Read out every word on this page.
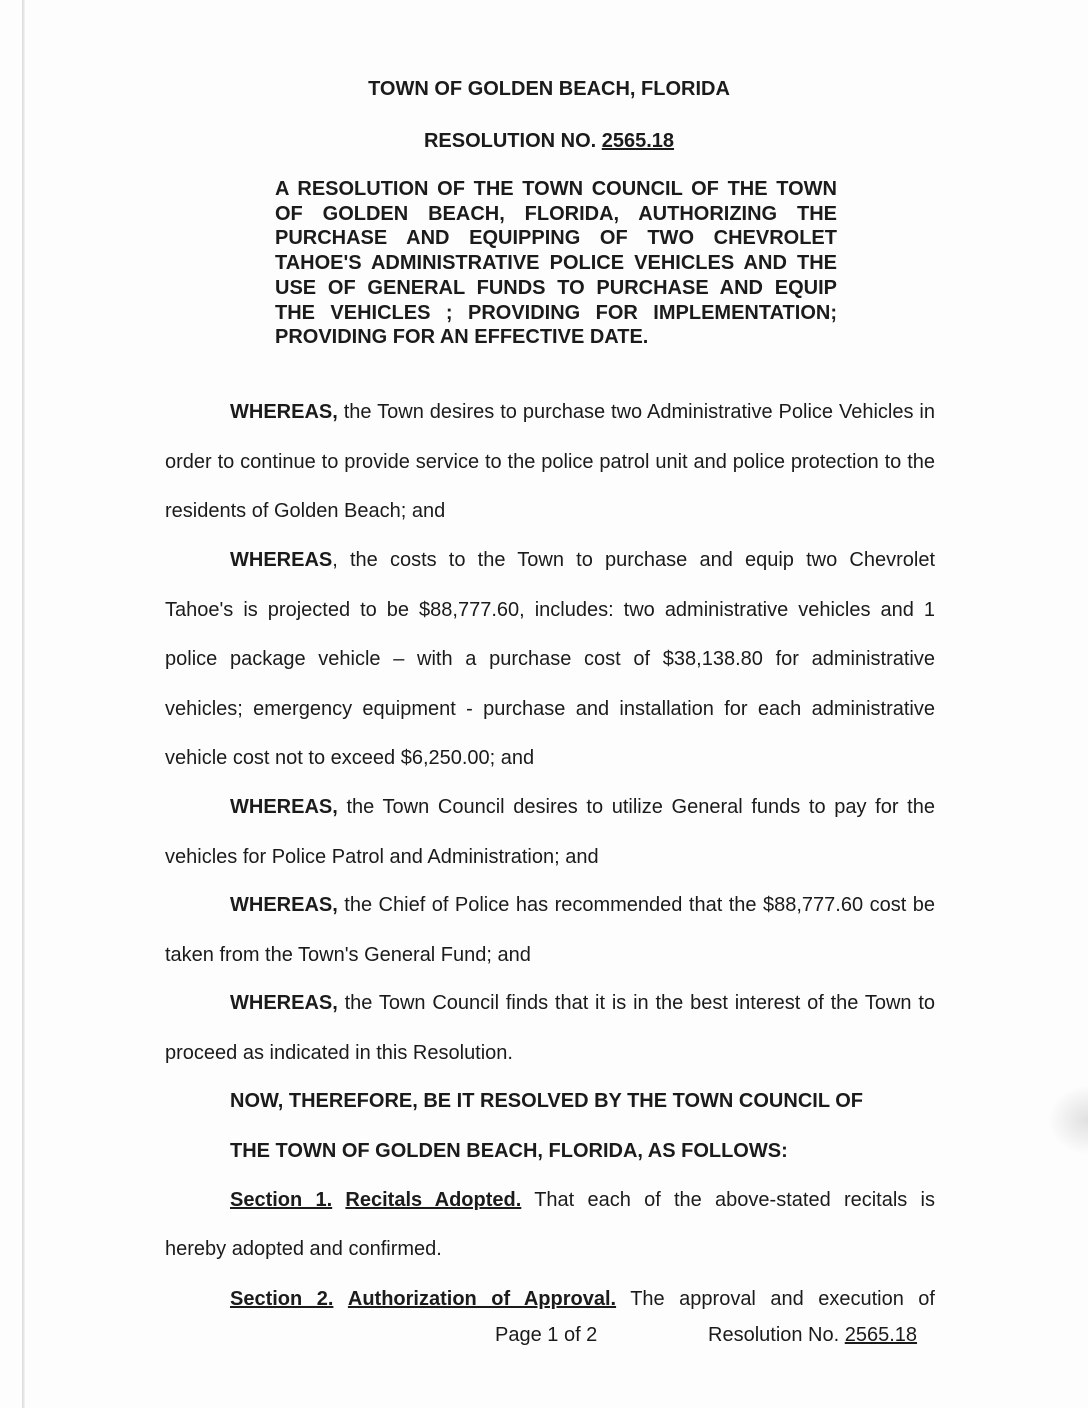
TOWN OF GOLDEN BEACH, FLORIDA
RESOLUTION NO. 2565.18
A RESOLUTION OF THE TOWN COUNCIL OF THE TOWN OF GOLDEN BEACH, FLORIDA, AUTHORIZING THE PURCHASE AND EQUIPPING OF TWO CHEVROLET TAHOE'S ADMINISTRATIVE POLICE VEHICLES AND THE USE OF GENERAL FUNDS TO PURCHASE AND EQUIP THE VEHICLES ; PROVIDING FOR IMPLEMENTATION; PROVIDING FOR AN EFFECTIVE DATE.
WHEREAS, the Town desires to purchase two Administrative Police Vehicles in order to continue to provide service to the police patrol unit and police protection to the residents of Golden Beach; and
WHEREAS, the costs to the Town to purchase and equip two Chevrolet Tahoe's is projected to be $88,777.60, includes: two administrative vehicles and 1 police package vehicle – with a purchase cost of $38,138.80 for administrative vehicles; emergency equipment - purchase and installation for each administrative vehicle cost not to exceed $6,250.00; and
WHEREAS, the Town Council desires to utilize General funds to pay for the vehicles for Police Patrol and Administration; and
WHEREAS, the Chief of Police has recommended that the $88,777.60 cost be taken from the Town's General Fund; and
WHEREAS, the Town Council finds that it is in the best interest of the Town to proceed as indicated in this Resolution.
NOW, THEREFORE, BE IT RESOLVED BY THE TOWN COUNCIL OF
THE TOWN OF GOLDEN BEACH, FLORIDA, AS FOLLOWS:
Section 1. Recitals Adopted. That each of the above-stated recitals is
hereby adopted and confirmed.
Section 2. Authorization of Approval. The approval and execution of
Page 1 of 2	Resolution No. 2565.18
